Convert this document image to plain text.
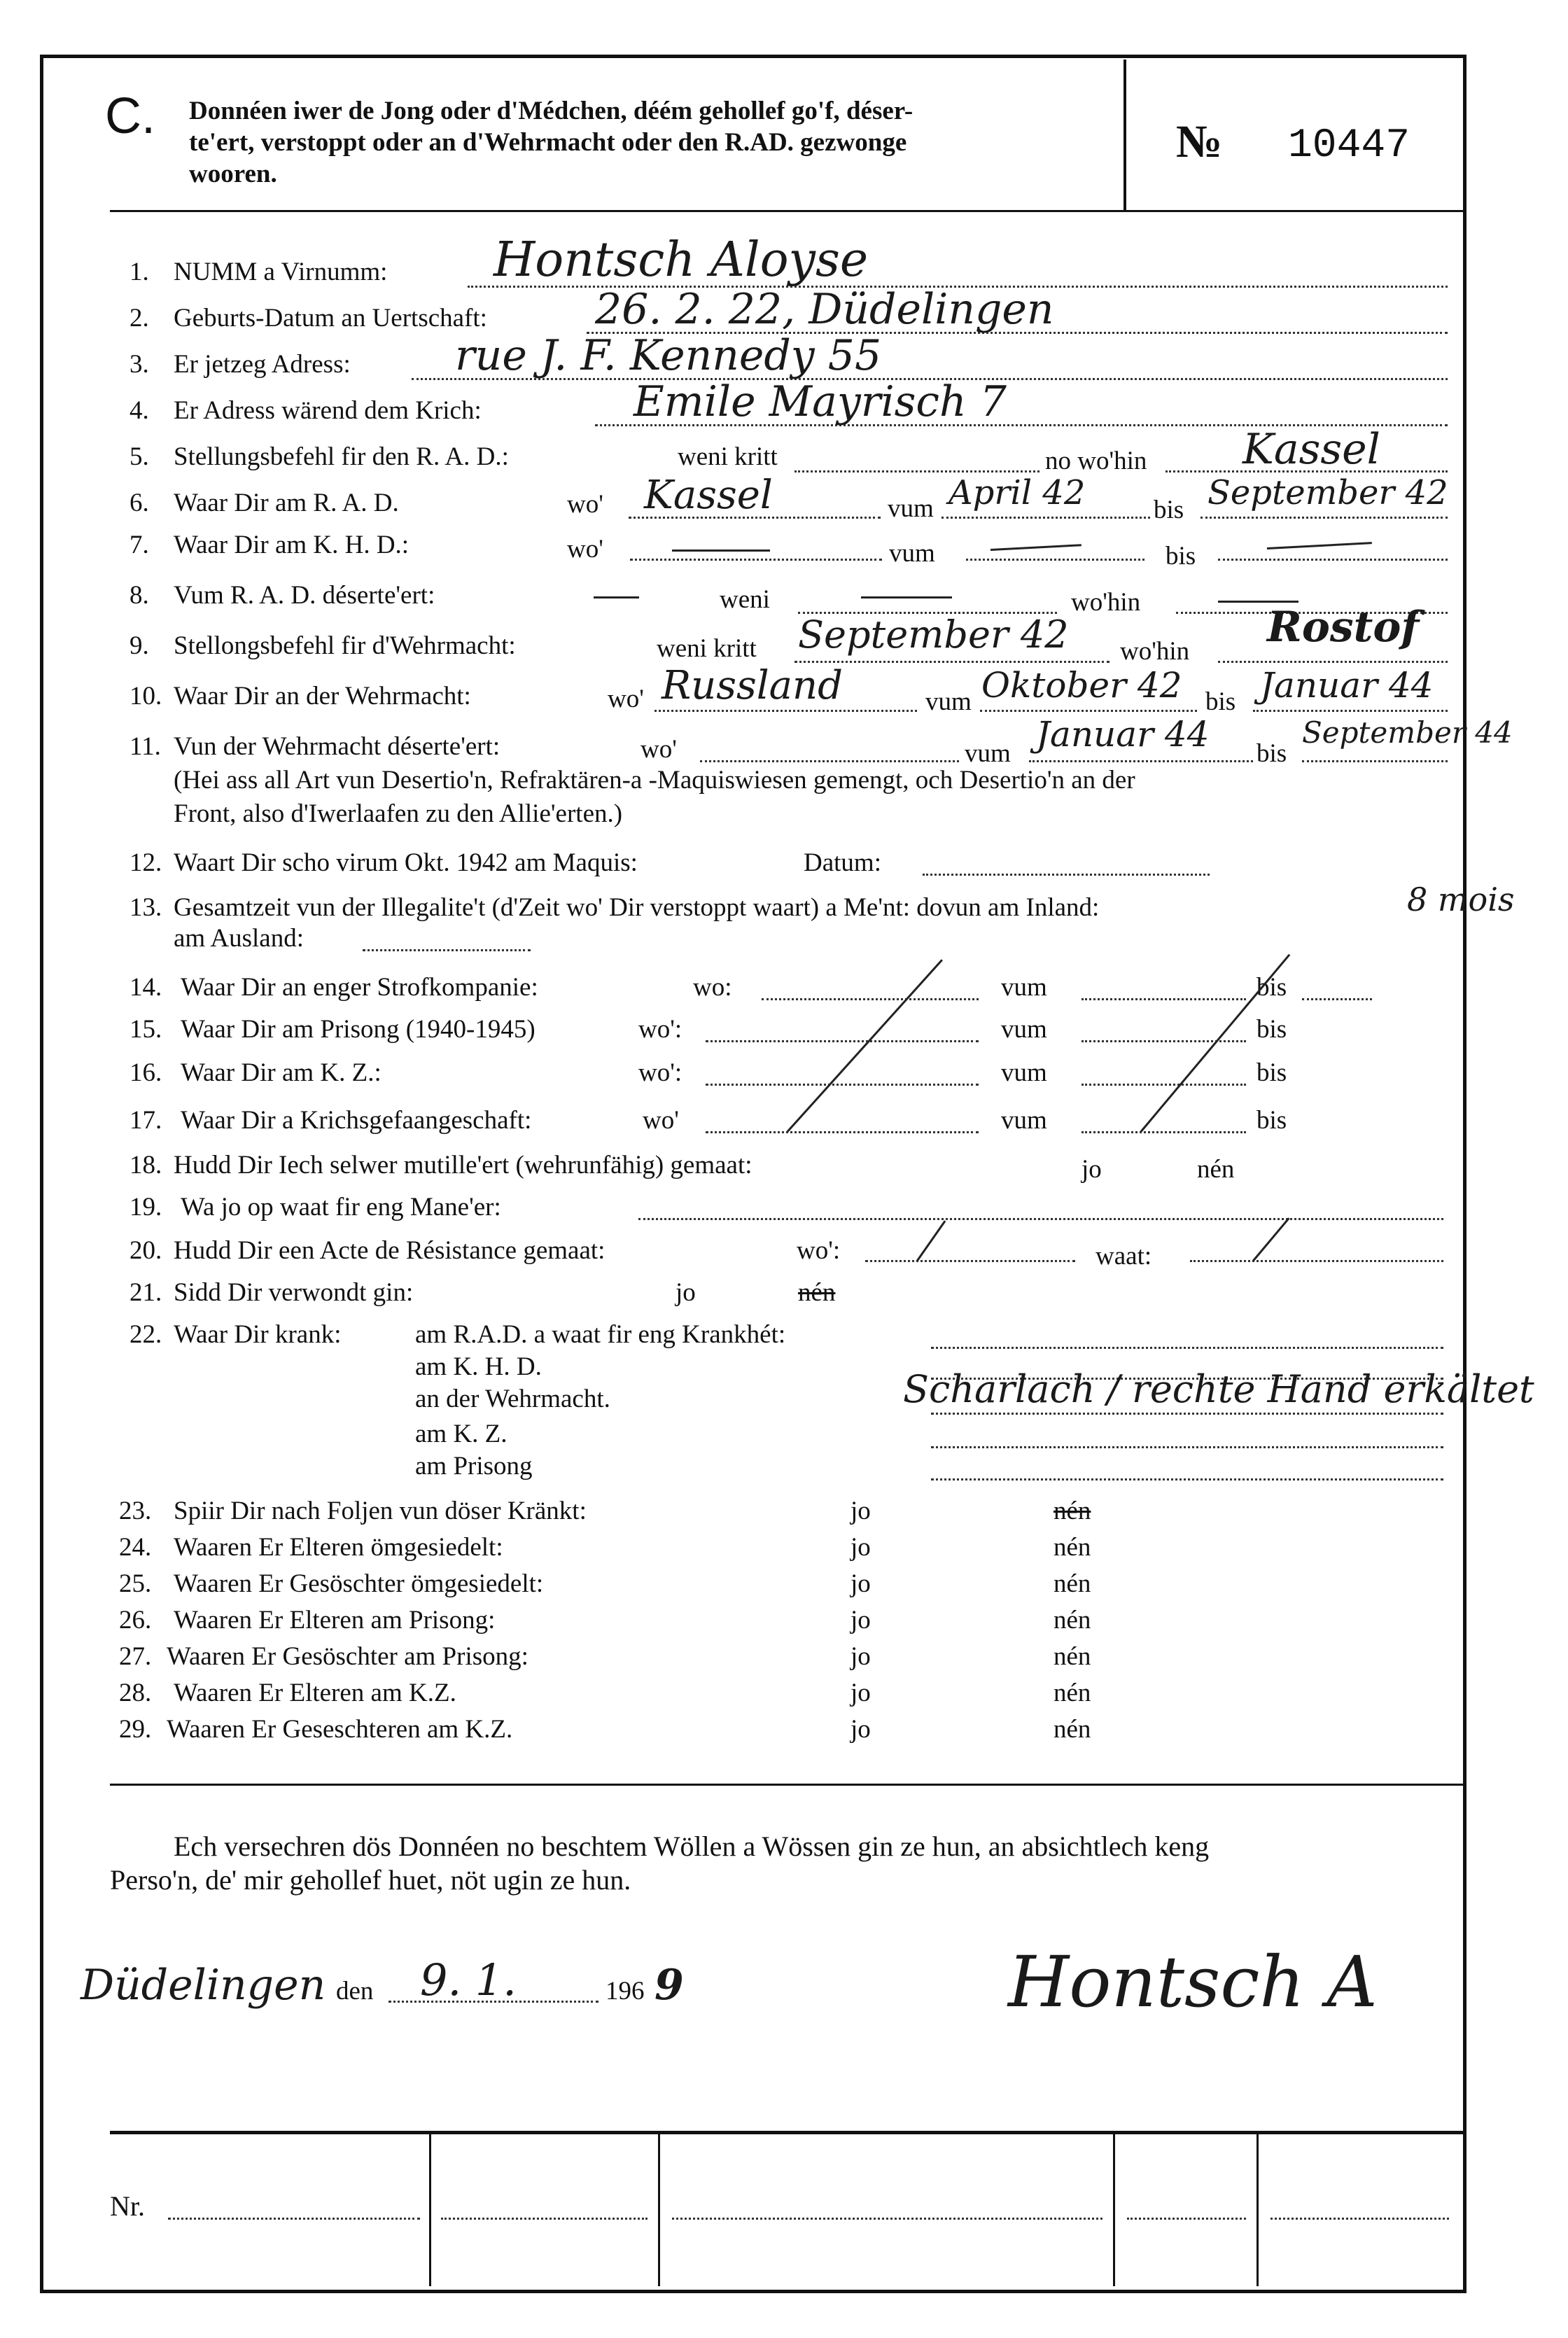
C. Donnéen iwer de Jong oder d'Médchen, déém gehollef go'f, déser-
te'ert, verstoppt oder an d'Wehrmacht oder den R.AD. gezwonge
wooren.
№ 10447
1. NUMM a Virnumm: Hontsch Aloyse
2. Geburts-Datum an Uertschaft:	26. 2. 22, Düdelingen
3. Er jetzeg Adress: rue J. F. Kennedy 55
4. Er Adress wärend dem Krich:	Emile Mayrisch 7
5. Stellungsbefehl fir den R. A. D.:	weni kritt	no wo'hin Kassel
6. Waar Dir am R. A. D.	wo' Kassel	vum April 42	bis September 42
7. Waar Dir am K. H. D.:	wo'	vum	bis
8. Vum R. A. D. déserte'ert:	weni	wo'hin
9. Stellongsbefehl fir d'Wehrmacht:	weni kritt September 42 wo'hin Rostof
10. Waar Dir an der Wehrmacht:	wo' Russland	vum Oktober 42 bis Januar 44
11. Vun der Wehrmacht déserte'ert:	wo'	vum Januar 44 bis
September 44
(Hei ass all Art vun Desertio'n, Refraktären-a -Maquiswiesen gemengt, och Desertio'n an der
Front, also d'Iwerlaafen zu den Allie'erten.)
12. Waart Dir scho virum Okt. 1942 am Maquis:	Datum:
13. Gesamtzeit vun der Illegalite't (d'Zeit wo' Dir verstoppt waart) a Me'nt: dovun am Inland:	8 mois
am Ausland:
14. Waar Dir an enger Strofkompanie:	wo:	vum	bis
15. Waar Dir am Prisong (1940-1945)	wo':	vum	bis
16. Waar Dir am K. Z.:	wo':	vum	bis
17. Waar Dir a Krichsgefaangeschaft:	wo'	vum	bis
18. Hudd Dir Iech selwer mutille'ert (wehrunfähig) gemaat:	jo	nén
19. Wa jo op waat fir eng Mane'er:
20. Hudd Dir een Acte de Résistance gemaat:	wo':	waat:
21. Sidd Dir verwondt gin:	jo	nén
22. Waar Dir krank:	am R.A.D. a waat fir eng Krankhét:
am K. H. D.
an der Wehrmacht.	Scharlach / rechte Hand erkältet
am K. Z.
am Prisong
23. Spiir Dir nach Foljen vun döser Kränkt:	jo	nén
24. Waaren Er Elteren ömgesiedelt:	jo	nén
25. Waaren Er Gesöschter ömgesiedelt:	jo	nén
26. Waaren Er Elteren am Prisong:	jo	nén
27. Waaren Er Gesöschter am Prisong:	jo	nén
28. Waaren Er Elteren am K.Z.	jo	nén
29. Waaren Er Geseschteren am K.Z.	jo	nén
Ech versechren dös Donnéen no beschtem Wöllen a Wössen gin ze hun, an absichtlech keng
Perso'n, de' mir gehollef huet, nöt ugin ze hun.
Düdelingen den 9. 1.	196 9	Hontsch A
Nr.
